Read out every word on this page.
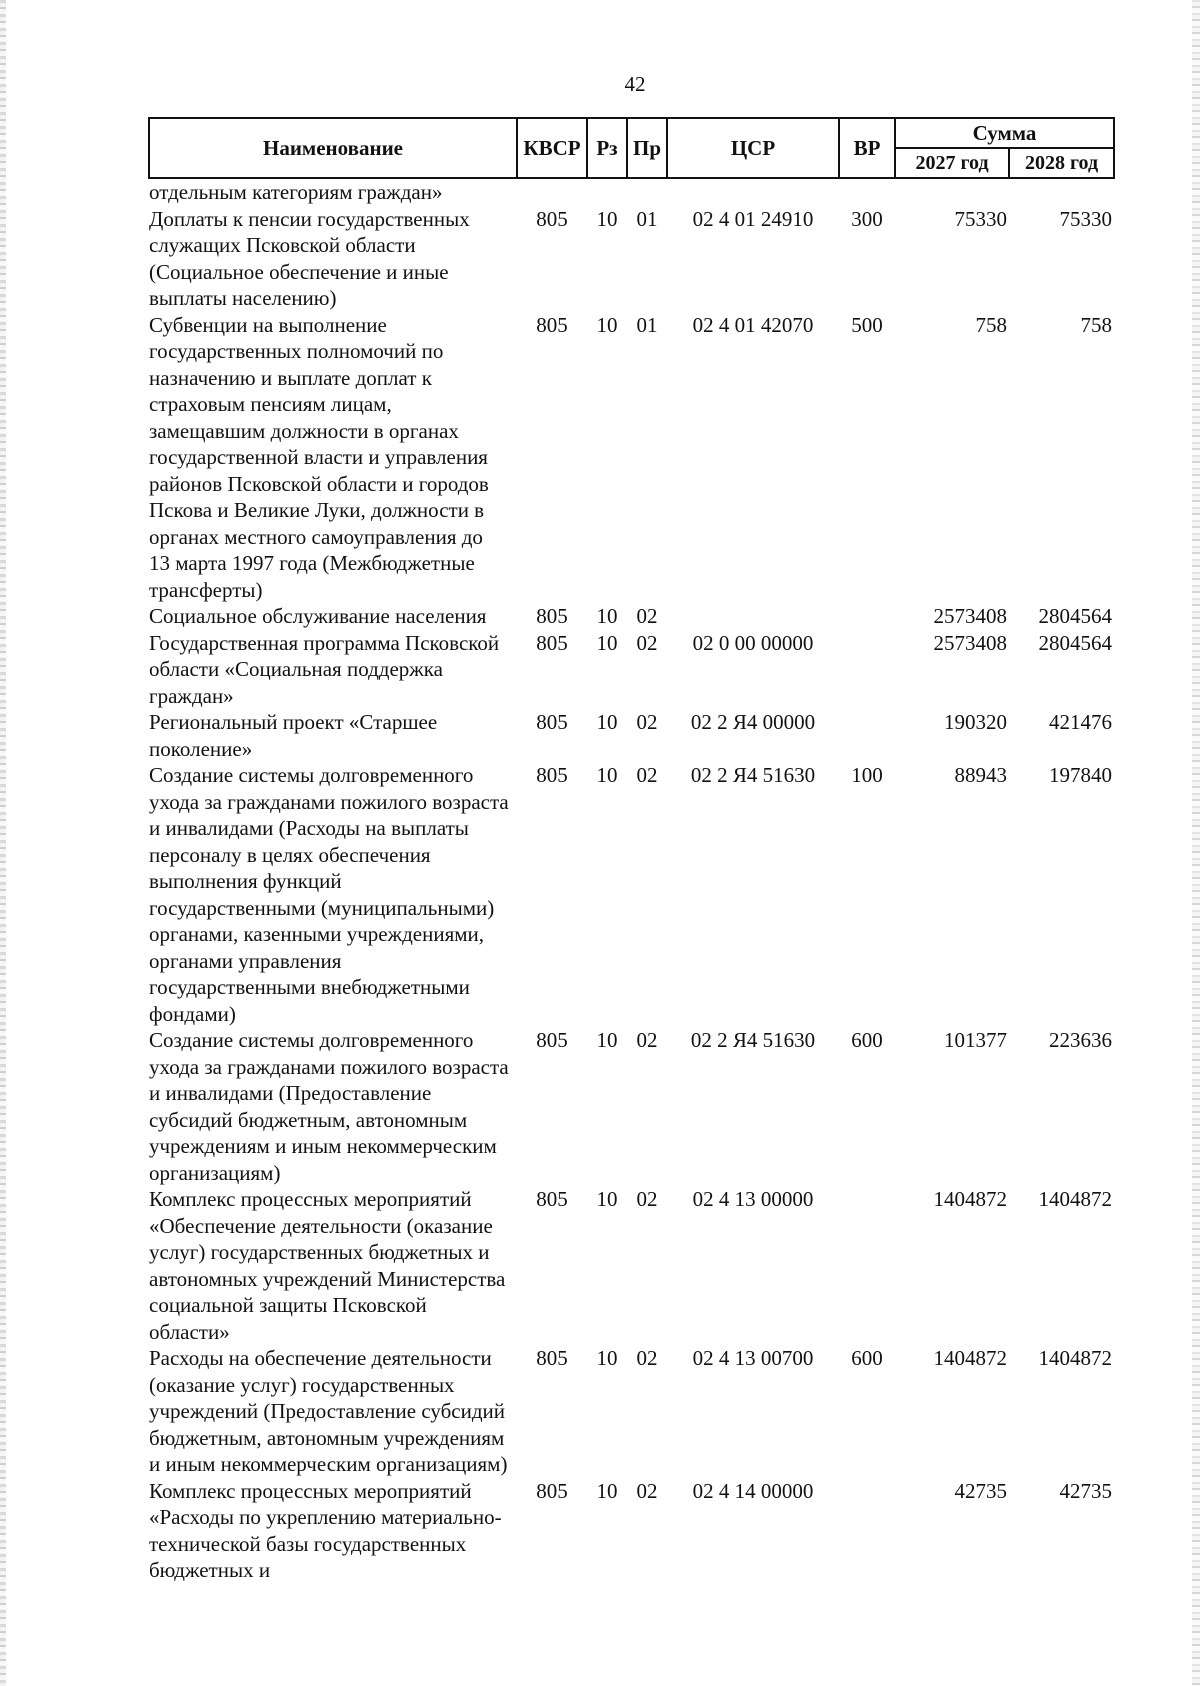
42
Наименование	КВСР	Рз	Пр	ЦСР	ВР	Сумма	
						2027 год	2028 год
отдельным категориям граждан»							
Доплаты к пенсии государственных служащих Псковской области (Социальное обеспечение и иные выплаты населению)	805	10	01	02 4 01 24910	300	75330	75330
Субвенции на выполнение государственных полномочий по назначению и выплате доплат к страховым пенсиям лицам, замещавшим должности в органах государственной власти и управления районов Псковской области и городов Пскова и Великие Луки, должности в органах местного самоуправления до 13 марта 1997 года (Межбюджетные трансферты)	805	10	01	02 4 01 42070	500	758	758
Социальное обслуживание населения	805	10	02			2573408	2804564
Государственная программа Псковской области «Социальная поддержка граждан»	805	10	02	02 0 00 00000		2573408	2804564
Региональный проект «Старшее поколение»	805	10	02	02 2 Я4 00000		190320	421476
Создание системы долговременного ухода за гражданами пожилого возраста и инвалидами (Расходы на выплаты персоналу в целях обеспечения выполнения функций государственными (муниципальными) органами, казенными учреждениями, органами управления государственными внебюджетными фондами)	805	10	02	02 2 Я4 51630	100	88943	197840
Создание системы долговременного ухода за гражданами пожилого возраста и инвалидами (Предоставление субсидий бюджетным, автономным учреждениям и иным некоммерческим организациям)	805	10	02	02 2 Я4 51630	600	101377	223636
Комплекс процессных мероприятий «Обеспечение деятельности (оказание услуг) государственных бюджетных и автономных учреждений Министерства социальной защиты Псковской области»	805	10	02	02 4 13 00000		1404872	1404872
Расходы на обеспечение деятельности (оказание услуг) государственных учреждений (Предоставление субсидий бюджетным, автономным учреждениям и иным некоммерческим организациям)	805	10	02	02 4 13 00700	600	1404872	1404872
Комплекс процессных мероприятий «Расходы по укреплению материально-технической базы государственных бюджетных и	805	10	02	02 4 14 00000		42735	42735
